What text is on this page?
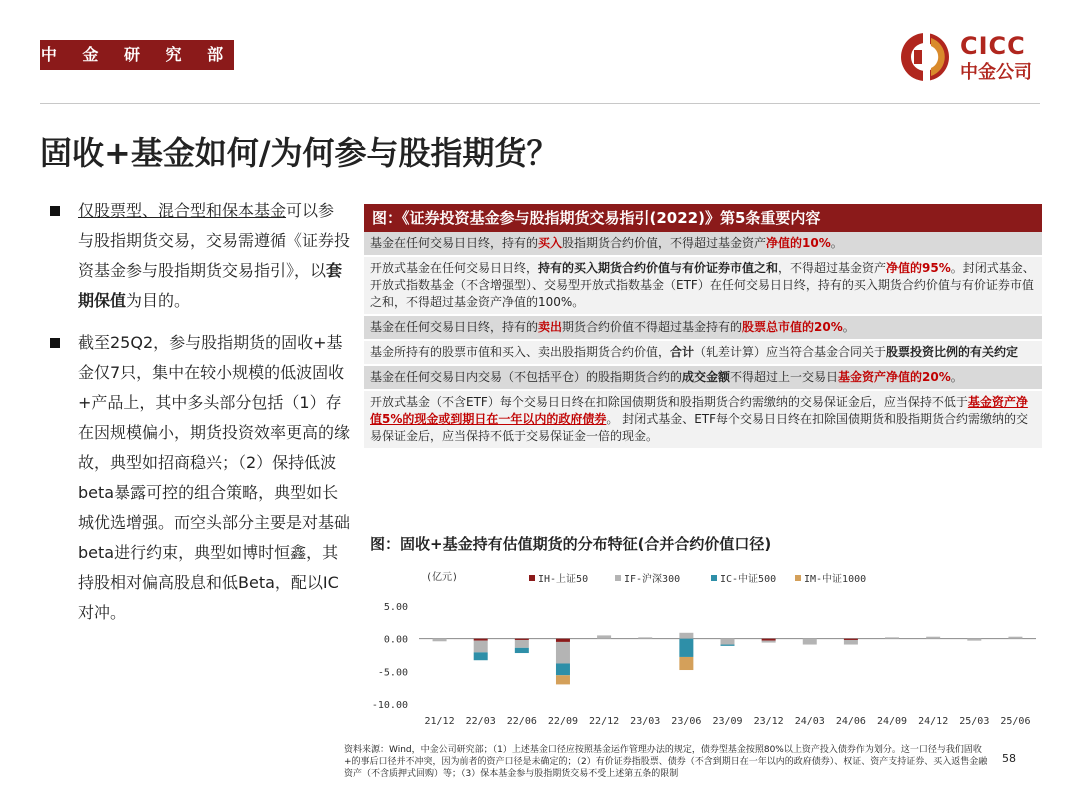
中 金 研 究 部	CICC
中金公司
固收+基金如何/为何参与股指期货？
仅股票型、混合型和保本基金可以参与股指期货交易，交易需遵循《证券投资基金参与股指期货交易指引》，以套期保值为目的。
截至25Q2，参与股指期货的固收+基金仅7只，集中在较小规模的低波固收+产品上，其中多头部分包括（1）存在因规模偏小，期货投资效率更高的缘故，典型如招商稳兴；（2）保持低波beta暴露可控的组合策略，典型如长城优选增强。而空头部分主要是对基础beta进行约束，典型如博时恒鑫，其持股相对偏高股息和低Beta，配以IC对冲。
图：《证券投资基金参与股指期货交易指引(2022)》第5条重要内容
基金在任何交易日日终，持有的买入股指期货合约价值，不得超过基金资产净值的10%。
开放式基金在任何交易日日终，持有的买入期货合约价值与有价证券市值之和，不得超过基金资产净值的95%。封闭式基金、开放式指数基金（不含增强型）、交易型开放式指数基金（ETF）在任何交易日日终，持有的买入期货合约价值与有价证券市值之和，不得超过基金资产净值的100%。
基金在任何交易日日终，持有的卖出期货合约价值不得超过基金持有的股票总市值的20%。
基金所持有的股票市值和买入、卖出股指期货合约价值，合计（轧差计算）应当符合基金合同关于股票投资比例的有关约定
基金在任何交易日内交易（不包括平仓）的股指期货合约的成交金额不得超过上一交易日基金资产净值的20%。
开放式基金（不含ETF）每个交易日日终在扣除国债期货和股指期货合约需缴纳的交易保证金后，应当保持不低于基金资产净值5%的现金或到期日在一年以内的政府债券。 封闭式基金、ETF每个交易日日终在扣除国债期货和股指期货合约需缴纳的交易保证金后，应当保持不低于交易保证金一倍的现金。
图：固收+基金持有估值期货的分布特征(合并合约价值口径)
(亿元)	IH-上证50	IF-沪深300	IC-中证500	IM-中证1000
5.00
0.00
-5.00
-10.00
21/12 22/03 22/06 22/09 22/12 23/03 23/06 23/09 23/12 24/03 24/06 24/09 24/12 25/03 25/06
资料来源：Wind，中金公司研究部；（1）上述基金口径应按照基金运作管理办法的规定，债券型基金按照80%以上资产投入债券作为划分。这一口径与我们固收+的事后口径并不冲突，因为前者的资产口径是未确定的；（2）有价证券指股票、债券（不含到期日在一年以内的政府债券）、权证、资产支持证券、买入返售金融资产（不含质押式回购）等；（3）保本基金参与股指期货交易不受上述第五条的限制
58
